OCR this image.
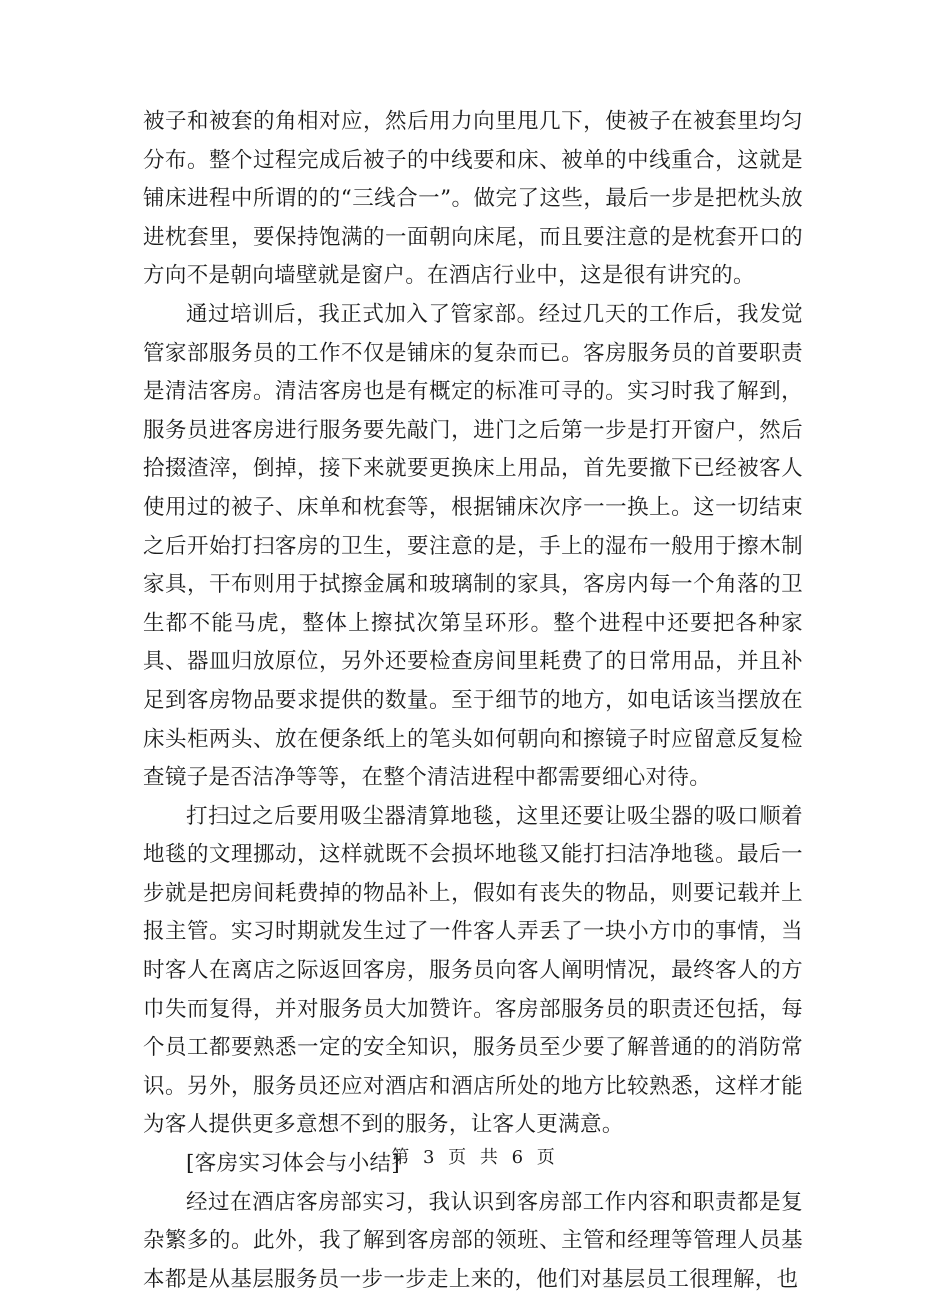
被子和被套的角相对应，然后用力向里甩几下，使被子在被套里均匀分布。整个过程完成后被子的中线要和床、被单的中线重合，这就是铺床进程中所谓的的“三线合一”。做完了这些，最后一步是把枕头放进枕套里，要保持饱满的一面朝向床尾，而且要注意的是枕套开口的方向不是朝向墙壁就是窗户。在酒店行业中，这是很有讲究的。

通过培训后，我正式加入了管家部。经过几天的工作后，我发觉管家部服务员的工作不仅是铺床的复杂而已。客房服务员的首要职责是清洁客房。清洁客房也是有概定的标准可寻的。实习时我了解到，服务员进客房进行服务要先敲门，进门之后第一步是打开窗户，然后拾掇渣滓，倒掉，接下来就要更换床上用品，首先要撤下已经被客人使用过的被子、床单和枕套等，根据铺床次序一一换上。这一切结束之后开始打扫客房的卫生，要注意的是，手上的湿布一般用于擦木制家具，干布则用于拭擦金属和玻璃制的家具，客房内每一个角落的卫生都不能马虎，整体上擦拭次第呈环形。整个进程中还要把各种家具、器皿归放原位，另外还要检查房间里耗费了的日常用品，并且补足到客房物品要求提供的数量。至于细节的地方，如电话该当摆放在床头柜两头、放在便条纸上的笔头如何朝向和擦镜子时应留意反复检查镜子是否洁净等等，在整个清洁进程中都需要细心对待。

打扫过之后要用吸尘器清算地毯，这里还要让吸尘器的吸口顺着地毯的文理挪动，这样就既不会损坏地毯又能打扫洁净地毯。最后一步就是把房间耗费掉的物品补上，假如有丧失的物品，则要记载并上报主管。实习时期就发生过了一件客人弄丢了一块小方巾的事情，当时客人在离店之际返回客房，服务员向客人阐明情况，最终客人的方巾失而复得，并对服务员大加赞许。客房部服务员的职责还包括，每个员工都要熟悉一定的安全知识，服务员至少要了解普通的的消防常识。另外，服务员还应对酒店和酒店所处的地方比较熟悉，这样才能为客人提供更多意想不到的服务，让客人更满意。

[客房实习体会与小结]

经过在酒店客房部实习，我认识到客房部工作内容和职责都是复杂繁多的。此外，我了解到客房部的领班、主管和经理等管理人员基本都是从基层服务员一步一步走上来的，他们对基层员工很理解，也

第 3 页 共 6 页
